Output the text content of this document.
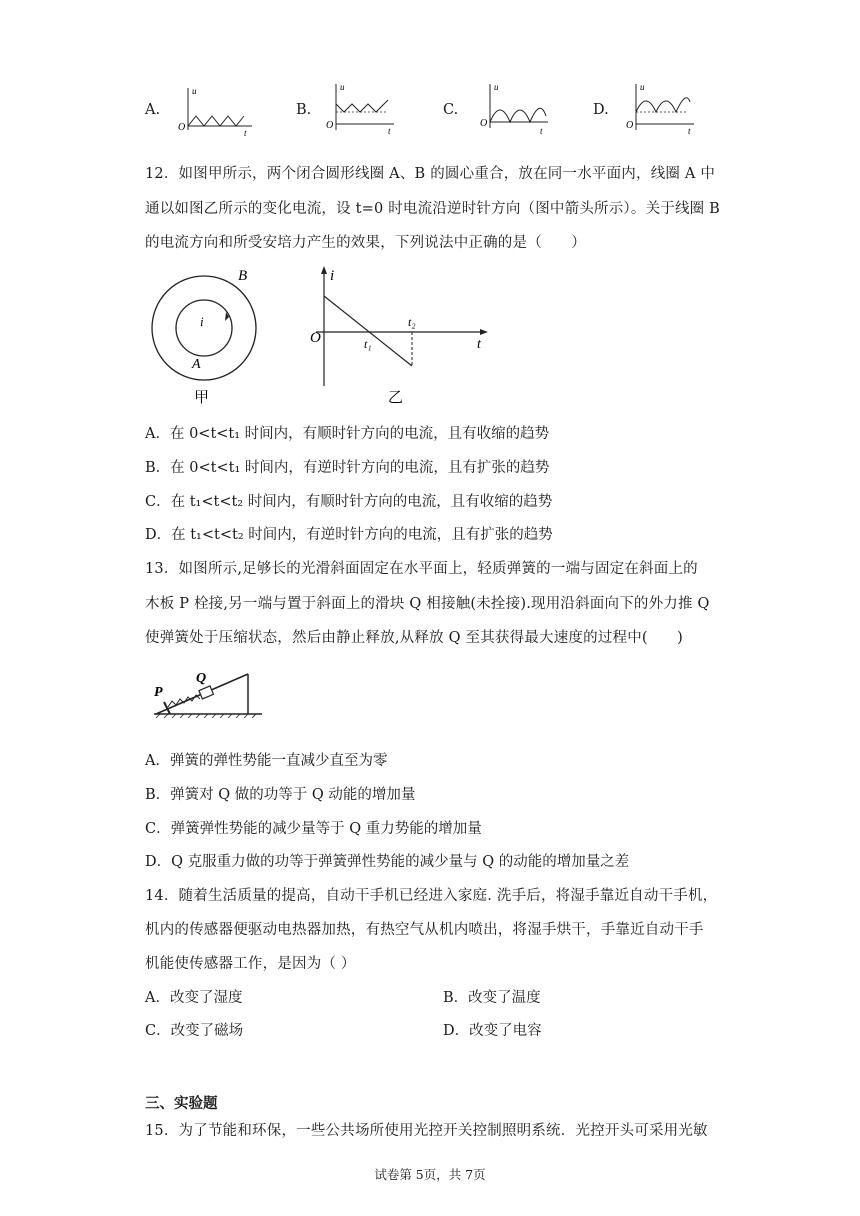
A.
O
u
t
B.
O
u
t
C.
O
u
t
D.
O
u
t
12．如图甲所示，两个闭合圆形线圈 A、B 的圆心重合，放在同一水平面内，线圈 A 中
通以如图乙所示的变化电流，设 t=0 时电流沿逆时针方向（图中箭头所示）。关于线圈 B
的电流方向和所受安培力产生的效果，下列说法中正确的是（　　）
B
i
A
甲
i
O	t₁
t₂
t
乙
A．在 0<t<t₁ 时间内，有顺时针方向的电流，且有收缩的趋势
B．在 0<t<t₁ 时间内，有逆时针方向的电流，且有扩张的趋势
C．在 t₁<t<t₂ 时间内，有顺时针方向的电流，且有收缩的趋势
D．在 t₁<t<t₂ 时间内，有逆时针方向的电流，且有扩张的趋势
13．如图所示,足够长的光滑斜面固定在水平面上，轻质弹簧的一端与固定在斜面上的
木板 P 栓接,另一端与置于斜面上的滑块 Q 相接触(未拴接).现用沿斜面向下的外力推 Q
使弹簧处于压缩状态，然后由静止释放,从释放 Q 至其获得最大速度的过程中(　　)
P
Q
A．弹簧的弹性势能一直减少直至为零
B．弹簧对 Q 做的功等于 Q 动能的增加量
C．弹簧弹性势能的减少量等于 Q 重力势能的增加量
D．Q 克服重力做的功等于弹簧弹性势能的减少量与 Q 的动能的增加量之差
14．随着生活质量的提高，自动干手机已经进入家庭. 洗手后，将湿手靠近自动干手机，
机内的传感器便驱动电热器加热，有热空气从机内喷出，将湿手烘干，手靠近自动干手
机能使传感器工作，是因为（ ）
A．改变了湿度	B．改变了温度
C．改变了磁场	D．改变了电容
三、实验题
15．为了节能和环保，一些公共场所使用光控开关控制照明系统．光控开头可采用光敏
试卷第 5页，共 7页
